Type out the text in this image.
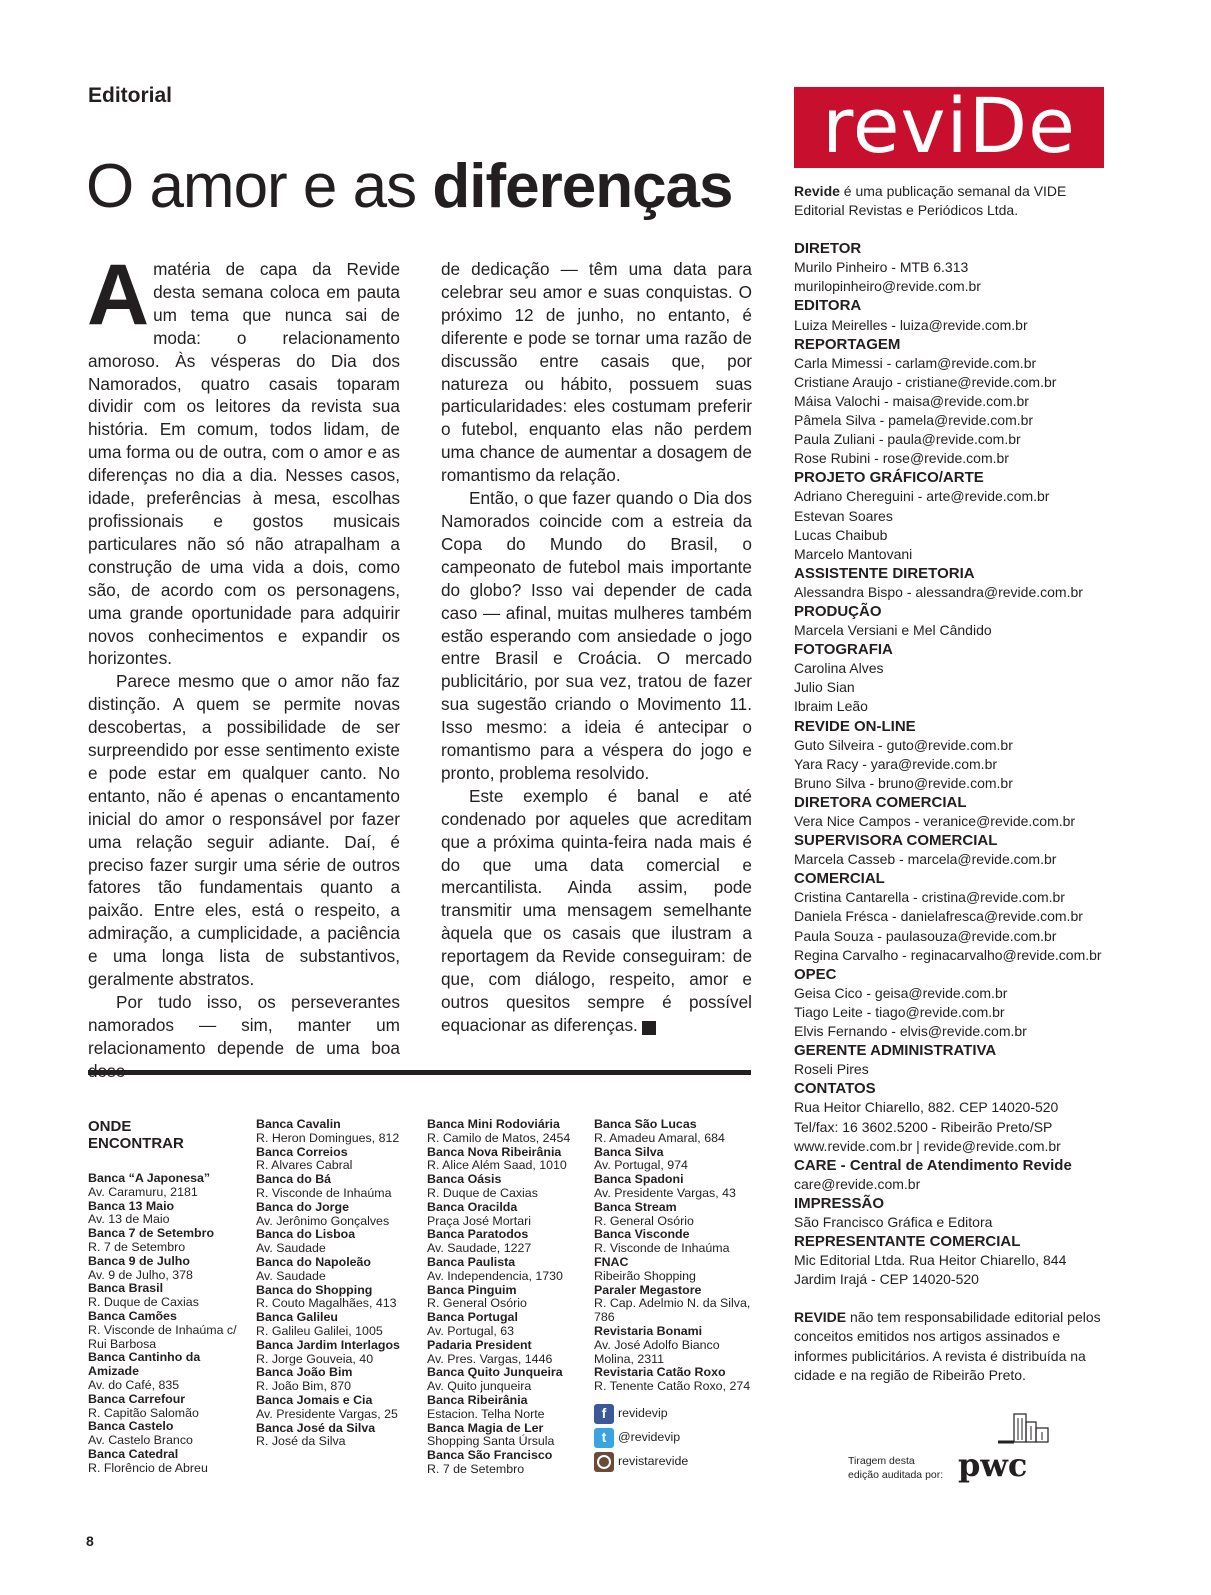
Editorial
O amor e as diferenças

A matéria de capa da Revide desta semana coloca em pauta um tema que nunca sai de moda: o relacionamento amoroso. Às vésperas do Dia dos Namorados, quatro casais toparam dividir com os leitores da revista sua história. Em comum, todos lidam, de uma forma ou de outra, com o amor e as diferenças no dia a dia. Nesses casos, idade, preferências à mesa, escolhas profissionais e gostos musicais particulares não só não atrapalham a construção de uma vida a dois, como são, de acordo com os personagens, uma grande oportunidade para adquirir novos conhecimentos e expandir os horizontes.

Parece mesmo que o amor não faz distinção. A quem se permite novas descobertas, a possibilidade de ser surpreendido por esse sentimento existe e pode estar em qualquer canto. No entanto, não é apenas o encantamento inicial do amor o responsável por fazer uma relação seguir adiante. Daí, é preciso fazer surgir uma série de outros fatores tão fundamentais quanto a paixão. Entre eles, está o respeito, a admiração, a cumplicidade, a paciência e uma longa lista de substantivos, geralmente abstratos.

Por tudo isso, os perseverantes namorados — sim, manter um relacionamento depende de uma boa

de dedicação — têm uma data para celebrar seu amor e suas conquistas. O próximo 12 de junho, no entanto, é diferente e pode se tornar uma razão de discussão entre casais que, por natureza ou hábito, possuem suas particularidades: eles costumam preferir o futebol, enquanto elas não perdem uma chance de aumentar a dosagem de romantismo da relação.

Então, o que fazer quando o Dia dos Namorados coincide com a estreia da Copa do Mundo do Brasil, o campeonato de futebol mais importante do globo? Isso vai depender de cada caso — afinal, muitas mulheres também estão esperando com ansiedade o jogo entre Brasil e Croácia. O mercado publicitário, por sua vez, tratou de fazer sua sugestão criando o Movimento 11. Isso mesmo: a ideia é antecipar o romantismo para a véspera do jogo e pronto, problema resolvido.

Este exemplo é banal e até condenado por aqueles que acreditam que a próxima quinta-feira nada mais é do que uma data comercial e mercantilista. Ainda assim, pode transmitir uma mensagem semelhante àquela que os casais que ilustram a reportagem da Revide conseguiram: de que, com diálogo, respeito, amor e outros quesitos sempre é possível equacionar as diferenças.	r

ONDE
ENCONTRAR
Banca “A Japonesa”
Av. Caramuru, 2181
Banca 13 Maio
Av. 13 de Maio
Banca 7 de Setembro
R. 7 de Setembro
Banca 9 de Julho
Av. 9 de Julho, 378
Banca Brasil
R. Duque de Caxias
Banca Camões
R. Visconde de Inhaúma c/ Rui Barbosa
Banca Cantinho da Amizade
Av. do Café, 835
Banca Carrefour
R. Capitão Salomão
Banca Castelo
Av. Castelo Branco
Banca Catedral
R. Florêncio de Abreu
Banca Cavalin
R. Heron Domingues, 812
Banca Correios
R. Alvares Cabral
Banca do Bá
R. Visconde de Inhaúma
Banca do Jorge
Av. Jerônimo Gonçalves
Banca do Lisboa
Av. Saudade
Banca do Napoleão
Av. Saudade
Banca do Shopping
R. Couto Magalhães, 413
Banca Galileu
R. Galileu Galilei, 1005
Banca Jardim Interlagos
R. Jorge Gouveia, 40
Banca João Bim
R. João Bim, 870
Banca Jomais e Cia
Av. Presidente Vargas, 25
Banca José da Silva
R. José da Silva
Banca Mini Rodoviária
R. Camilo de Matos, 2454
Banca Nova Ribeirânia
R. Alice Além Saad, 1010
Banca Oásis
R. Duque de Caxias
Banca Oracilda
Praça José Mortari
Banca Paratodos
Av. Saudade, 1227
Banca Paulista
Av. Independencia, 1730
Banca Pinguim
R. General Osório
Banca Portugal
Av. Portugal, 63
Padaria President
Av. Pres. Vargas, 1446
Banca Quito Junqueira
Av. Quito junqueira
Banca Ribeirânia
Estacion. Telha Norte
Banca Magia de Ler
Shopping Santa Úrsula
Banca São Francisco
R. 7 de Setembro
Banca São Lucas
R. Amadeu Amaral, 684
Banca Silva
Av. Portugal, 974
Banca Spadoni
Av. Presidente Vargas, 43
Banca Stream
R. General Osório
Banca Visconde
R. Visconde de Inhaúma
FNAC
Ribeirão Shopping
Paraler Megastore
R. Cap. Adelmio N. da Silva, 786
Revistaria Bonami
Av. José Adolfo Bianco Molina, 2311
Revistaria Catão Roxo
R. Tenente Catão Roxo, 274
f revidevip
t @revidevip
revistarevide
reviDe
Revide é uma publicação semanal da VIDE Editorial Revistas e Periódicos Ltda.
DIRETOR
Murilo Pinheiro - MTB 6.313
murilopinheiro@revide.com.br
EDITORA
Luiza Meirelles - luiza@revide.com.br
REPORTAGEM
Carla Mimessi - carlam@revide.com.br
Cristiane Araujo - cristiane@revide.com.br
Máisa Valochi - maisa@revide.com.br
Pâmela Silva - pamela@revide.com.br
Paula Zuliani - paula@revide.com.br
Rose Rubini - rose@revide.com.br
PROJETO GRÁFICO/ARTE
Adriano Chereguini - arte@revide.com.br
Estevan Soares
Lucas Chaibub
Marcelo Mantovani
ASSISTENTE DIRETORIA
Alessandra Bispo - alessandra@revide.com.br
PRODUÇÃO
Marcela Versiani e Mel Cândido
FOTOGRAFIA
Carolina Alves
Julio Sian
Ibraim Leão
REVIDE ON-LINE
Guto Silveira - guto@revide.com.br
Yara Racy - yara@revide.com.br
Bruno Silva - bruno@revide.com.br
DIRETORA COMERCIAL
Vera Nice Campos - veranice@revide.com.br
SUPERVISORA COMERCIAL
Marcela Casseb - marcela@revide.com.br
COMERCIAL
Cristina Cantarella - cristina@revide.com.br
Daniela Frésca - danielafresca@revide.com.br
Paula Souza - paulasouza@revide.com.br
Regina Carvalho - reginacarvalho@revide.com.br
OPEC
Geisa Cico - geisa@revide.com.br
Tiago Leite - tiago@revide.com.br
Elvis Fernando - elvis@revide.com.br
GERENTE ADMINISTRATIVA
Roseli Pires
CONTATOS
Rua Heitor Chiarello, 882. CEP 14020-520
Tel/fax: 16 3602.5200 - Ribeirão Preto/SP
www.revide.com.br | revide@revide.com.br
CARE - Central de Atendimento Revide
care@revide.com.br
IMPRESSÃO
São Francisco Gráfica e Editora
REPRESENTANTE COMERCIAL
Mic Editorial Ltda. Rua Heitor Chiarello, 844
Jardim Irajá - CEP 14020-520
REVIDE não tem responsabilidade editorial pelos conceitos emitidos nos artigos assinados e informes publicitários. A revista é distribuída na cidade e na região de Ribeirão Preto.
Tiragem desta
edição auditada por: pwc
8
